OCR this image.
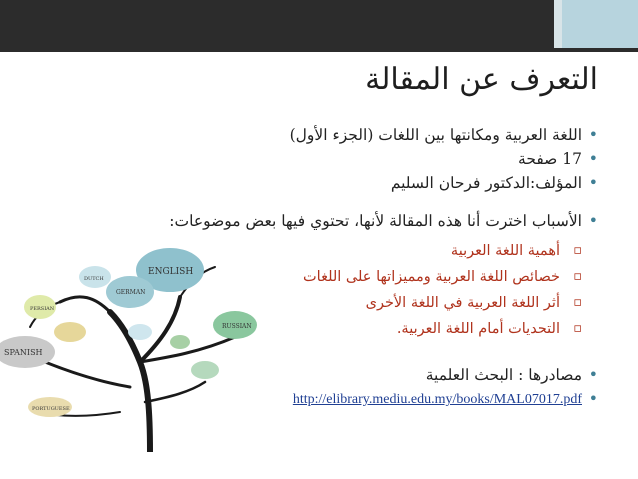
التعرف عن المقالة
• اللغة العربية ومكانتها بين اللغات (الجزء الأول)
• 17 صفحة
• المؤلف:الدكتور فرحان السليم
• الأسباب اخترت أنا هذه المقالة لأنها، تحتوي فيها بعض موضوعات:
▫ أهمية اللغة العربية
▫ خصائص اللغة العربية ومميزاتها على اللغات
▫ أثر اللغة العربية في اللغة الأخرى
▫ التحديات أمام اللغة العربية.
• مصادرها : البحث العلمية
• http://elibrary.mediu.edu.my/books/MAL07017.pdf
ENGLISH
GERMAN
DUTCH
SPANISH
RUSSIAN
PERSIAN
PORTUGUESE
